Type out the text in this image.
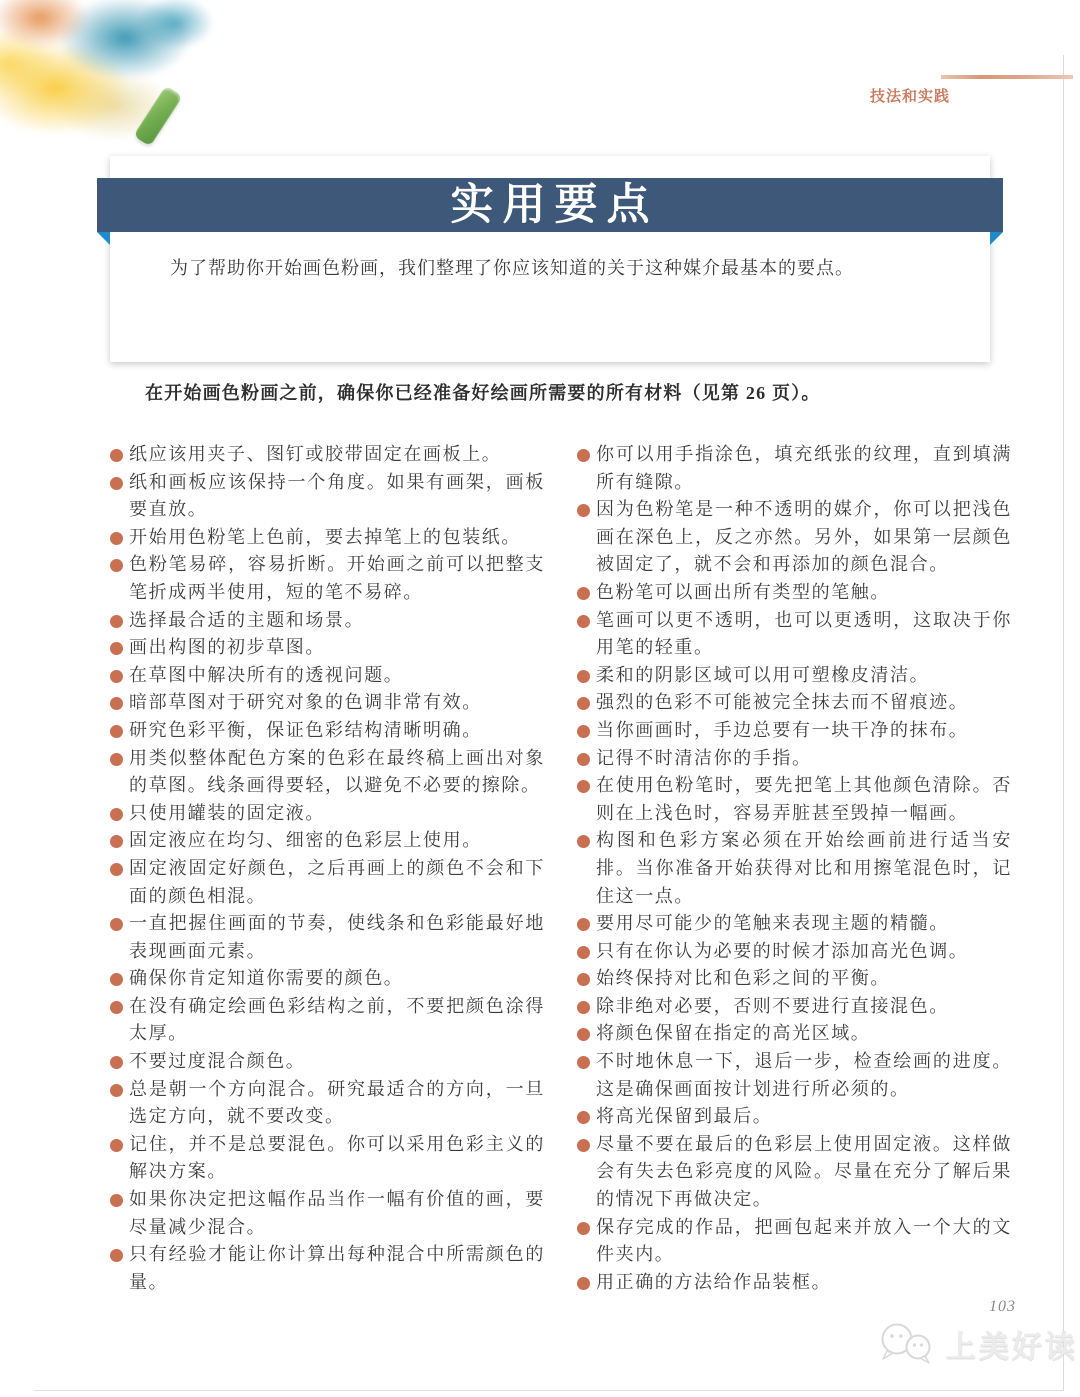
技法和实践
实用要点
为了帮助你开始画色粉画，我们整理了你应该知道的关于这种媒介最基本的要点。
在开始画色粉画之前，确保你已经准备好绘画所需要的所有材料（见第 26 页）。
纸应该用夹子、图钉或胶带固定在画板上。
纸和画板应该保持一个角度。如果有画架，画板要直放。
开始用色粉笔上色前，要去掉笔上的包装纸。
色粉笔易碎，容易折断。开始画之前可以把整支笔折成两半使用，短的笔不易碎。
选择最合适的主题和场景。
画出构图的初步草图。
在草图中解决所有的透视问题。
暗部草图对于研究对象的色调非常有效。
研究色彩平衡，保证色彩结构清晰明确。
用类似整体配色方案的色彩在最终稿上画出对象的草图。线条画得要轻，以避免不必要的擦除。
只使用罐装的固定液。
固定液应在均匀、细密的色彩层上使用。
固定液固定好颜色，之后再画上的颜色不会和下面的颜色相混。
一直把握住画面的节奏，使线条和色彩能最好地表现画面元素。
确保你肯定知道你需要的颜色。
在没有确定绘画色彩结构之前，不要把颜色涂得太厚。
不要过度混合颜色。
总是朝一个方向混合。研究最适合的方向，一旦选定方向，就不要改变。
记住，并不是总要混色。你可以采用色彩主义的解决方案。
如果你决定把这幅作品当作一幅有价值的画，要尽量减少混合。
只有经验才能让你计算出每种混合中所需颜色的量。
你可以用手指涂色，填充纸张的纹理，直到填满所有缝隙。
因为色粉笔是一种不透明的媒介，你可以把浅色画在深色上，反之亦然。另外，如果第一层颜色被固定了，就不会和再添加的颜色混合。
色粉笔可以画出所有类型的笔触。
笔画可以更不透明，也可以更透明，这取决于你用笔的轻重。
柔和的阴影区域可以用可塑橡皮清洁。
强烈的色彩不可能被完全抹去而不留痕迹。
当你画画时，手边总要有一块干净的抹布。
记得不时清洁你的手指。
在使用色粉笔时，要先把笔上其他颜色清除。否则在上浅色时，容易弄脏甚至毁掉一幅画。
构图和色彩方案必须在开始绘画前进行适当安排。当你准备开始获得对比和用擦笔混色时，记住这一点。
要用尽可能少的笔触来表现主题的精髓。
只有在你认为必要的时候才添加高光色调。
始终保持对比和色彩之间的平衡。
除非绝对必要，否则不要进行直接混色。
将颜色保留在指定的高光区域。
不时地休息一下，退后一步，检查绘画的进度。这是确保画面按计划进行所必须的。
将高光保留到最后。
尽量不要在最后的色彩层上使用固定液。这样做会有失去色彩亮度的风险。尽量在充分了解后果的情况下再做决定。
保存完成的作品，把画包起来并放入一个大的文件夹内。
用正确的方法给作品装框。
103
上美好读
